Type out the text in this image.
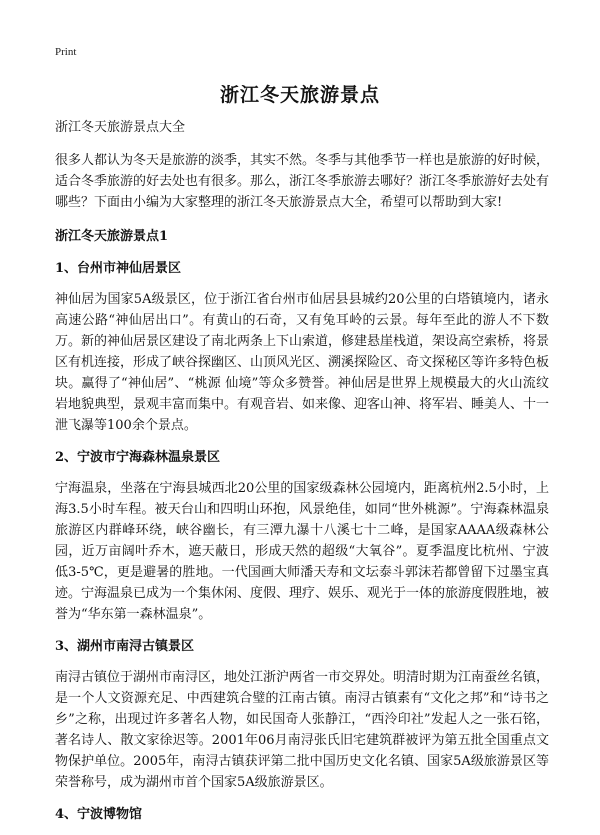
Print
浙江冬天旅游景点
浙江冬天旅游景点大全
很多人都认为冬天是旅游的淡季，其实不然。冬季与其他季节一样也是旅游的好时候，适合冬季旅游的好去处也有很多。那么，浙江冬季旅游去哪好？浙江冬季旅游好去处有哪些？下面由小编为大家整理的浙江冬天旅游景点大全，希望可以帮助到大家!
浙江冬天旅游景点1
1、台州市神仙居景区
神仙居为国家5A级景区，位于浙江省台州市仙居县县城约20公里的白塔镇境内，诸永高速公路“神仙居出口”。有黄山的石奇，又有兔耳岭的云景。每年至此的游人不下数万。新的神仙居景区建设了南北两条上下山索道，修建悬崖栈道，架设高空索桥，将景区有机连接，形成了峡谷探幽区、山顶风光区、溯溪探险区、奇文探秘区等许多特色板块。赢得了“神仙居”、“桃源 仙境”等众多赞誉。神仙居是世界上规模最大的火山流纹岩地貌典型，景观丰富而集中。有观音岩、如来像、迎客山神、将军岩、睡美人、十一泄飞瀑等100余个景点。
2、宁波市宁海森林温泉景区
宁海温泉，坐落在宁海县城西北20公里的国家级森林公园境内，距离杭州2.5小时，上海3.5小时车程。被天台山和四明山环抱，风景绝佳，如同“世外桃源”。宁海森林温泉旅游区内群峰环绕，峡谷幽长，有三潭九瀑十八溪七十二峰，是国家AAAA级森林公园，近万亩阔叶乔木，遮天蔽日，形成天然的超级“大氧谷”。夏季温度比杭州、宁波低3-5℃，更是避暑的胜地。一代国画大师潘天寿和文坛泰斗郭沫若都曾留下过墨宝真迹。宁海温泉已成为一个集休闲、度假、理疗、娱乐、观光于一体的旅游度假胜地，被誉为“华东第一森林温泉”。
3、湖州市南浔古镇景区
南浔古镇位于湖州市南浔区，地处江浙沪两省一市交界处。明清时期为江南蚕丝名镇，是一个人文资源充足、中西建筑合璧的江南古镇。南浔古镇素有“文化之邦”和“诗书之乡”之称，出现过许多著名人物，如民国奇人张静江，“西泠印社”发起人之一张石铭，著名诗人、散文家徐迟等。2001年06月南浔张氏旧宅建筑群被评为第五批全国重点文物保护单位。2005年，南浔古镇获评第二批中国历史文化名镇、国家5A级旅游景区等荣誉称号，成为湖州市首个国家5A级旅游景区。
4、宁波博物馆
